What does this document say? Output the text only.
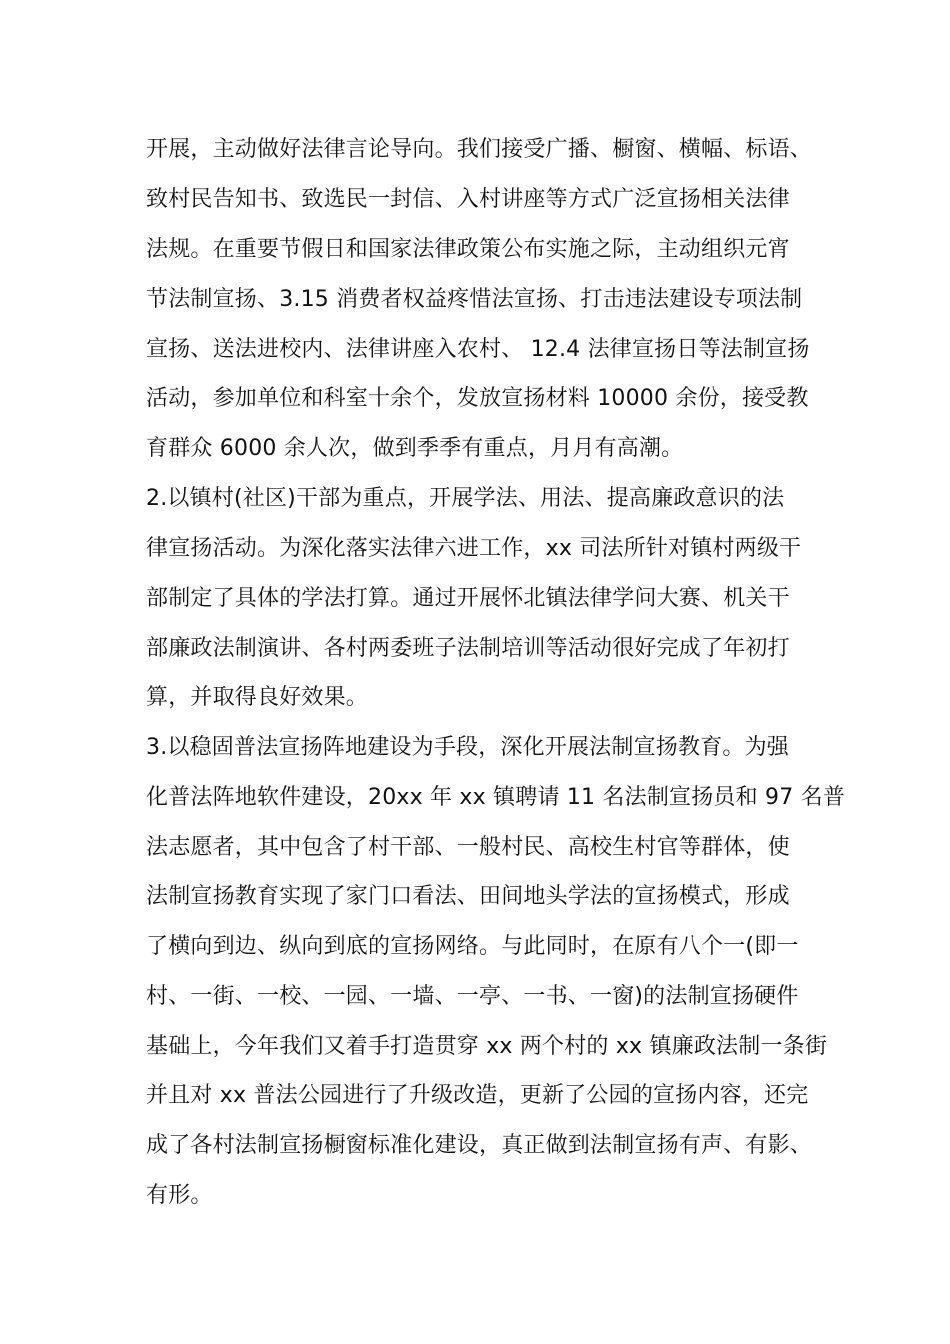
开展，主动做好法律言论导向。我们接受广播、橱窗、横幅、标语、
致村民告知书、致选民一封信、入村讲座等方式广泛宣扬相关法律
法规。在重要节假日和国家法律政策公布实施之际，主动组织元宵
节法制宣扬、3.15 消费者权益疼惜法宣扬、打击违法建设专项法制
宣扬、送法进校内、法律讲座入农村、 12.4 法律宣扬日等法制宣扬
活动，参加单位和科室十余个，发放宣扬材料 10000 余份，接受教
育群众 6000 余人次，做到季季有重点，月月有高潮。
2.以镇村(社区)干部为重点，开展学法、用法、提高廉政意识的法
律宣扬活动。为深化落实法律六进工作，xx 司法所针对镇村两级干
部制定了具体的学法打算。通过开展怀北镇法律学问大赛、机关干
部廉政法制演讲、各村两委班子法制培训等活动很好完成了年初打
算，并取得良好效果。
3.以稳固普法宣扬阵地建设为手段，深化开展法制宣扬教育。为强
化普法阵地软件建设，20xx 年 xx 镇聘请 11 名法制宣扬员和 97 名普
法志愿者，其中包含了村干部、一般村民、高校生村官等群体，使
法制宣扬教育实现了家门口看法、田间地头学法的宣扬模式，形成
了横向到边、纵向到底的宣扬网络。与此同时，在原有八个一(即一
村、一街、一校、一园、一墙、一亭、一书、一窗)的法制宣扬硬件
基础上，今年我们又着手打造贯穿 xx 两个村的 xx 镇廉政法制一条街
并且对 xx 普法公园进行了升级改造，更新了公园的宣扬内容，还完
成了各村法制宣扬橱窗标准化建设，真正做到法制宣扬有声、有影、
有形。
